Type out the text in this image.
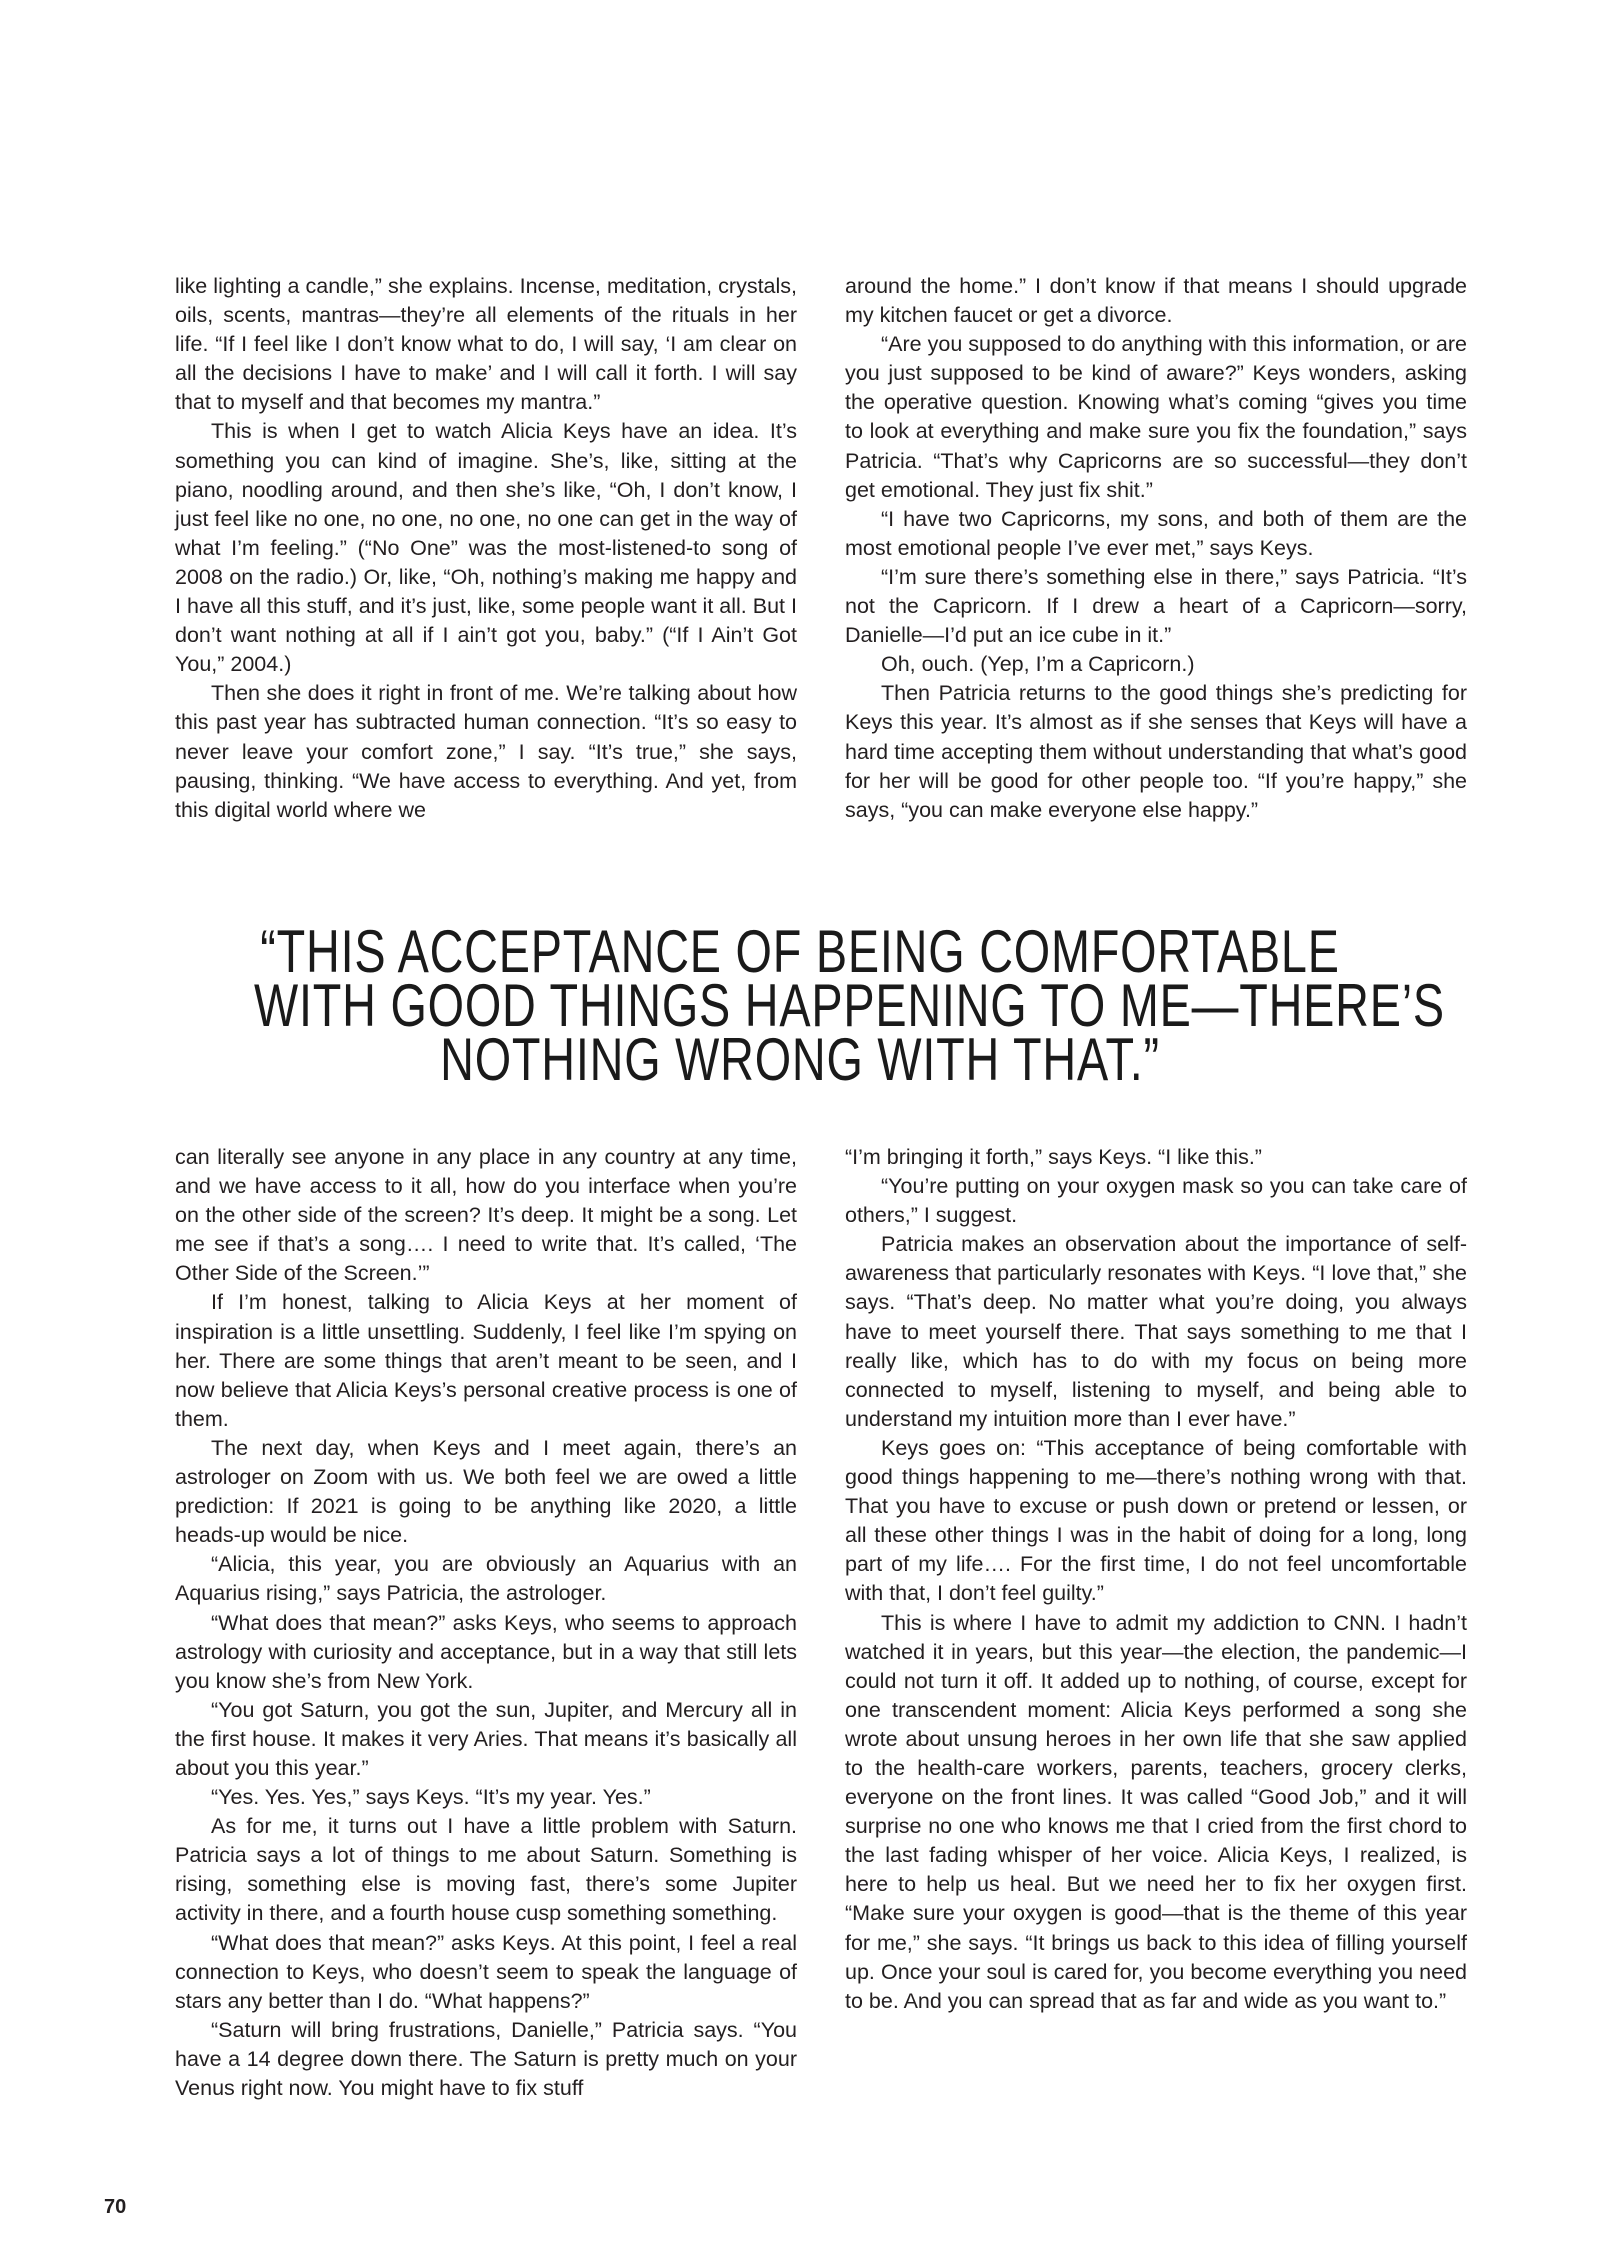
like lighting a candle,” she explains. Incense, meditation, crystals, oils, scents, mantras—they’re all elements of the rituals in her life. “If I feel like I don’t know what to do, I will say, ‘I am clear on all the decisions I have to make’ and I will call it forth. I will say that to myself and that becomes my mantra.”

This is when I get to watch Alicia Keys have an idea. It’s something you can kind of imagine. She’s, like, sitting at the piano, noodling around, and then she’s like, “Oh, I don’t know, I just feel like no one, no one, no one, no one can get in the way of what I’m feeling.” (“No One” was the most-listened-to song of 2008 on the radio.) Or, like, “Oh, nothing’s making me happy and I have all this stuff, and it’s just, like, some people want it all. But I don’t want nothing at all if I ain’t got you, baby.” (“If I Ain’t Got You,” 2004.)

Then she does it right in front of me. We’re talking about how this past year has subtracted human connection. “It’s so easy to never leave your comfort zone,” I say. “It’s true,” she says, pausing, thinking. “We have access to everything. And yet, from this digital world where we

around the home.” I don’t know if that means I should upgrade my kitchen faucet or get a divorce.

“Are you supposed to do anything with this information, or are you just supposed to be kind of aware?” Keys wonders, asking the operative question. Knowing what’s coming “gives you time to look at everything and make sure you fix the foundation,” says Patricia. “That’s why Capricorns are so successful—they don’t get emotional. They just fix shit.”

“I have two Capricorns, my sons, and both of them are the most emotional people I’ve ever met,” says Keys.

“I’m sure there’s something else in there,” says Patricia. “It’s not the Capricorn. If I drew a heart of a Capricorn—sorry, Danielle—I’d put an ice cube in it.”

Oh, ouch. (Yep, I’m a Capricorn.)

Then Patricia returns to the good things she’s predicting for Keys this year. It’s almost as if she senses that Keys will have a hard time accepting them without understanding that what’s good for her will be good for other people too. “If you’re happy,” she says, “you can make everyone else happy.”

“THIS ACCEPTANCE OF BEING COMFORTABLE
WITH GOOD THINGS HAPPENING TO ME—THERE’S
NOTHING WRONG WITH THAT.”

can literally see anyone in any place in any country at any time, and we have access to it all, how do you interface when you’re on the other side of the screen? It’s deep. It might be a song. Let me see if that’s a song…. I need to write that. It’s called, ‘The Other Side of the Screen.’”

If I’m honest, talking to Alicia Keys at her moment of inspiration is a little unsettling. Suddenly, I feel like I’m spying on her. There are some things that aren’t meant to be seen, and I now believe that Alicia Keys’s personal creative process is one of them.

The next day, when Keys and I meet again, there’s an astrologer on Zoom with us. We both feel we are owed a little prediction: If 2021 is going to be anything like 2020, a little heads-up would be nice.

“Alicia, this year, you are obviously an Aquarius with an Aquarius rising,” says Patricia, the astrologer.

“What does that mean?” asks Keys, who seems to approach astrology with curiosity and acceptance, but in a way that still lets you know she’s from New York.

“You got Saturn, you got the sun, Jupiter, and Mercury all in the first house. It makes it very Aries. That means it’s basically all about you this year.”

“Yes. Yes. Yes,” says Keys. “It’s my year. Yes.”

As for me, it turns out I have a little problem with Saturn. Patricia says a lot of things to me about Saturn. Something is rising, something else is moving fast, there’s some Jupiter activity in there, and a fourth house cusp something something.

“What does that mean?” asks Keys. At this point, I feel a real connection to Keys, who doesn’t seem to speak the language of stars any better than I do. “What happens?”

“Saturn will bring frustrations, Danielle,” Patricia says. “You have a 14 degree down there. The Saturn is pretty much on your Venus right now. You might have to fix stuff

“I’m bringing it forth,” says Keys. “I like this.”

“You’re putting on your oxygen mask so you can take care of others,” I suggest.

Patricia makes an observation about the importance of self-awareness that particularly resonates with Keys. “I love that,” she says. “That’s deep. No matter what you’re doing, you always have to meet yourself there. That says something to me that I really like, which has to do with my focus on being more connected to myself, listening to myself, and being able to understand my intuition more than I ever have.”

Keys goes on: “This acceptance of being comfortable with good things happening to me—there’s nothing wrong with that. That you have to excuse or push down or pretend or lessen, or all these other things I was in the habit of doing for a long, long part of my life…. For the first time, I do not feel uncomfortable with that, I don’t feel guilty.”

This is where I have to admit my addiction to CNN. I hadn’t watched it in years, but this year—the election, the pandemic—I could not turn it off. It added up to nothing, of course, except for one transcendent moment: Alicia Keys performed a song she wrote about unsung heroes in her own life that she saw applied to the health-care workers, parents, teachers, grocery clerks, everyone on the front lines. It was called “Good Job,” and it will surprise no one who knows me that I cried from the first chord to the last fading whisper of her voice. Alicia Keys, I realized, is here to help us heal. But we need her to fix her oxygen first. “Make sure your oxygen is good—that is the theme of this year for me,” she says. “It brings us back to this idea of filling yourself up. Once your soul is cared for, you become everything you need to be. And you can spread that as far and wide as you want to.”

70
